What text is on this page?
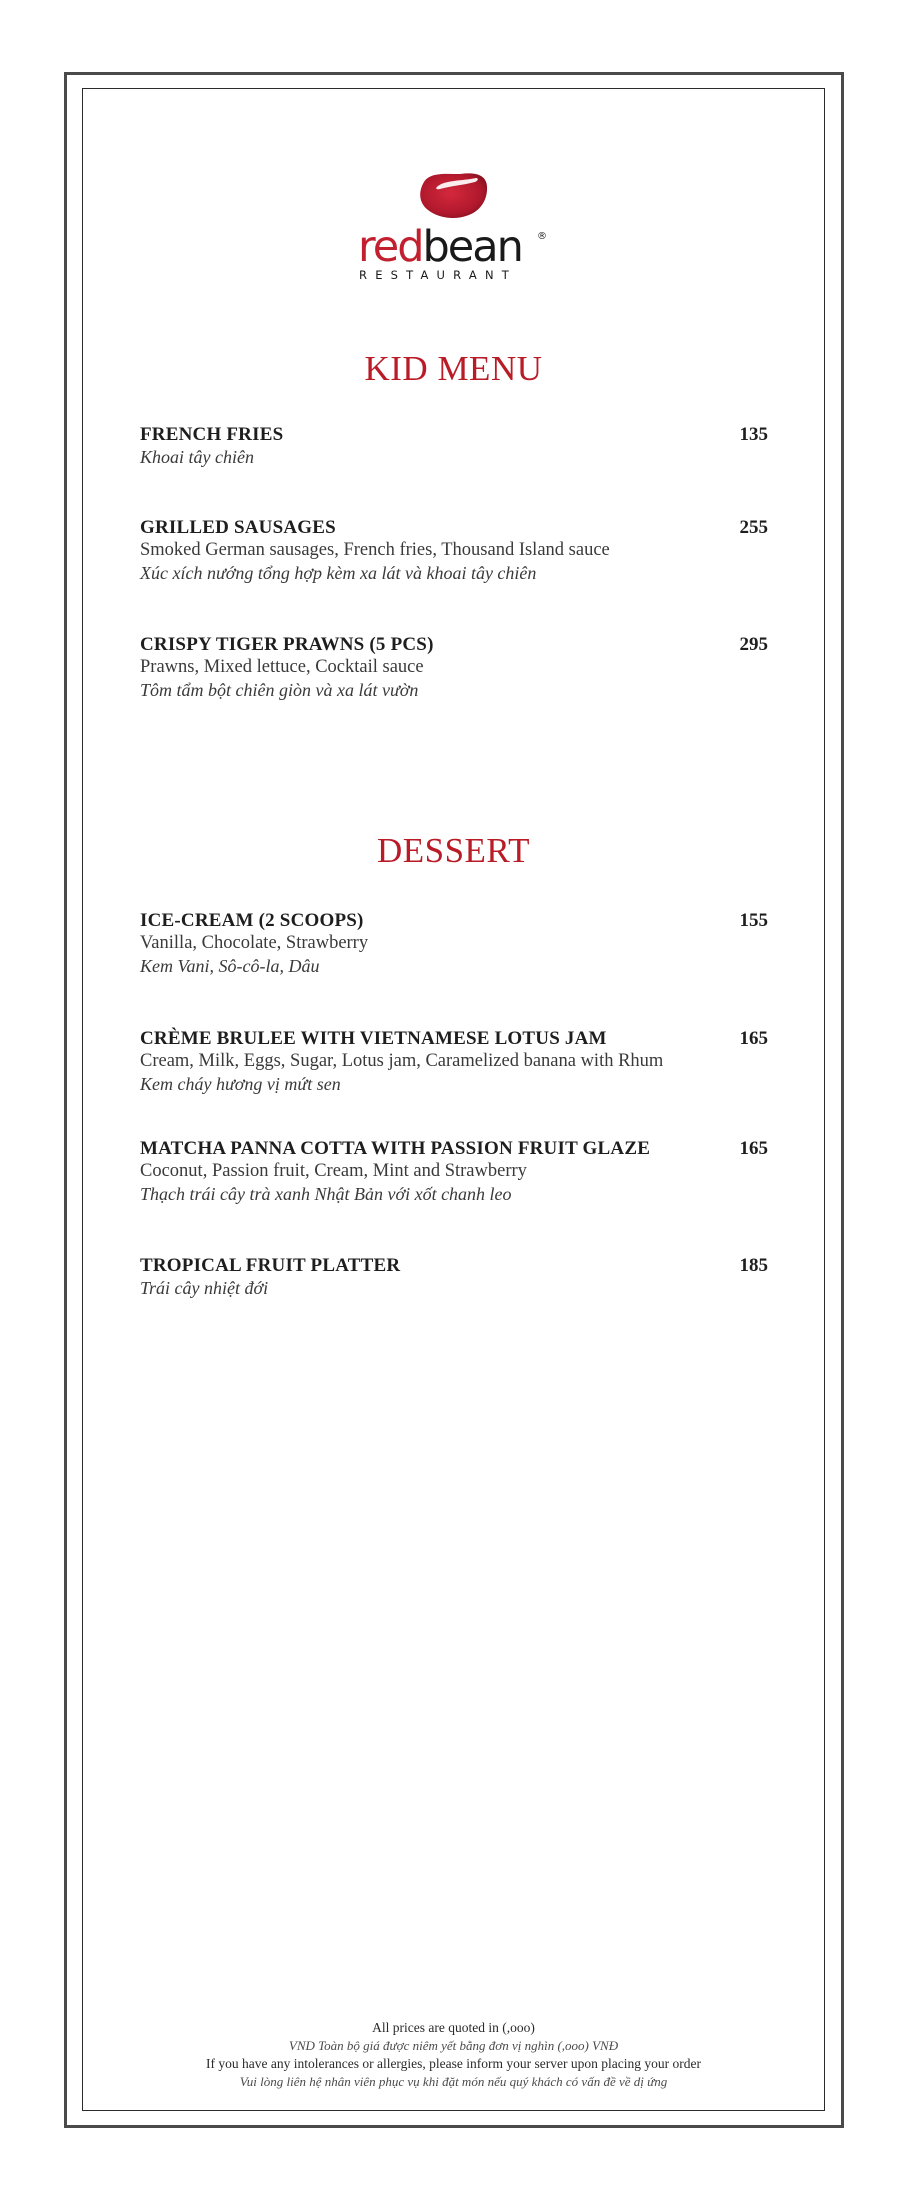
redbean	®
RESTAURANT
KID MENU
FRENCH FRIES	135
Khoai tây chiên
GRILLED SAUSAGES	255
Smoked German sausages, French fries, Thousand Island sauce
Xúc xích nướng tổng hợp kèm xa lát và khoai tây chiên
CRISPY TIGER PRAWNS (5 PCS)	295
Prawns, Mixed lettuce, Cocktail sauce
Tôm tẩm bột chiên giòn và xa lát vườn
DESSERT
ICE-CREAM (2 SCOOPS)	155
Vanilla, Chocolate, Strawberry
Kem Vani, Sô-cô-la, Dâu
CRÈME BRULEE WITH VIETNAMESE LOTUS JAM	165
Cream, Milk, Eggs, Sugar, Lotus jam, Caramelized banana with Rhum
Kem cháy hương vị mứt sen
MATCHA PANNA COTTA WITH PASSION FRUIT GLAZE	165
Coconut, Passion fruit, Cream, Mint and Strawberry
Thạch trái cây trà xanh Nhật Bản với xốt chanh leo
TROPICAL FRUIT PLATTER	185
Trái cây nhiệt đới
All prices are quoted in (,ooo)
VND Toàn bộ giá được niêm yết bằng đơn vị nghìn (,ooo) VNĐ
If you have any intolerances or allergies, please inform your server upon placing your order
Vui lòng liên hệ nhân viên phục vụ khi đặt món nếu quý khách có vấn đề về dị ứng
